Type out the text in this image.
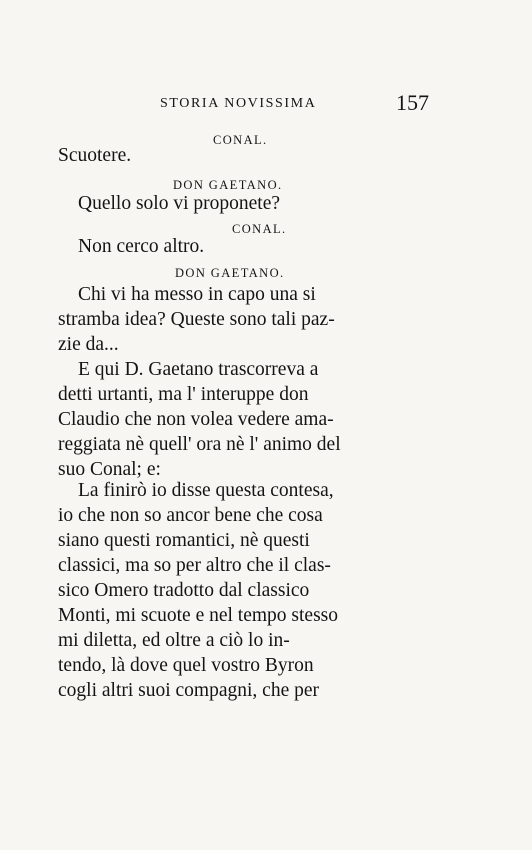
STORIA NOVISSIMA	157
CONAL.
Scuotere.
DON GAETANO.
Quello solo vi proponete?
CONAL.
Non cerco altro.
DON GAETANO.
Chi vi ha messo in capo una si
stramba idea? Queste sono tali paz-
zie da...
E qui D. Gaetano trascorreva a
detti urtanti, ma l' interuppe don
Claudio che non volea vedere ama-
reggiata nè quell' ora nè l' animo del
suo Conal; e:
La finirò io disse questa contesa,
io che non so ancor bene che cosa
siano questi romantici, nè questi
classici, ma so per altro che il clas-
sico Omero tradotto dal classico
Monti, mi scuote e nel tempo stesso
mi diletta, ed oltre a ciò lo in-
tendo, là dove quel vostro Byron
cogli altri suoi compagni, che per
